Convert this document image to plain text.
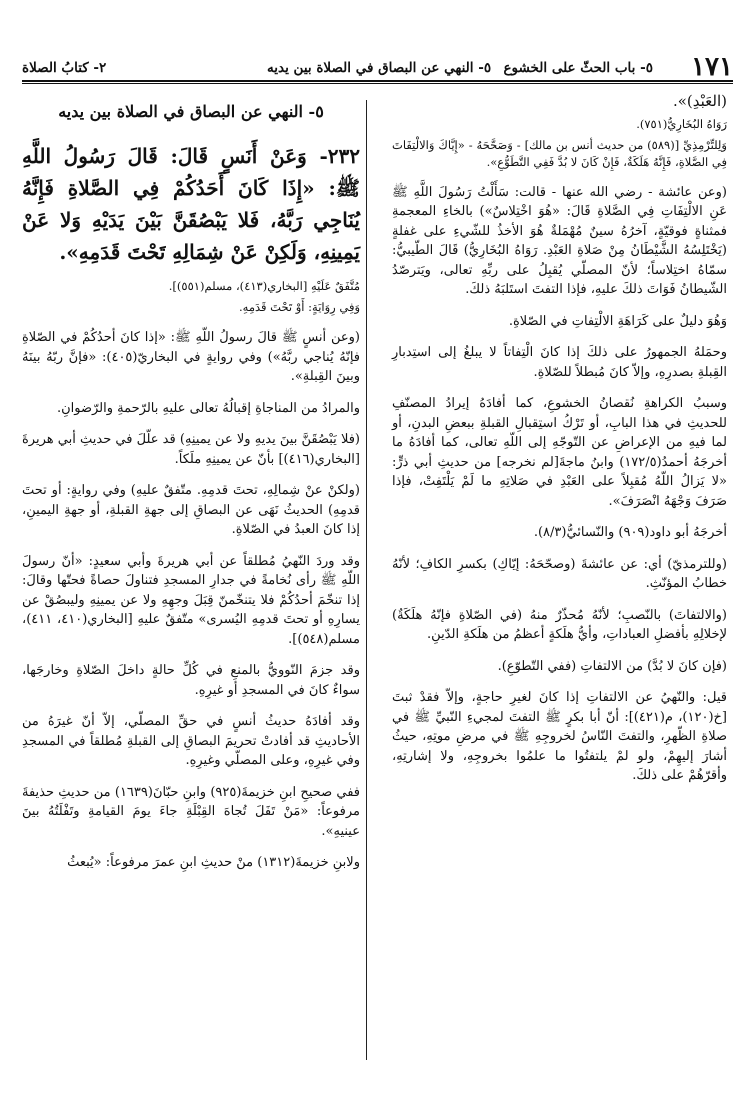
١٧١
٥- باب الحثّ على الخشوع
٥- النهي عن البصاق في الصلاة بين يديه
٢- كتابُ الصلاة

(العَبْدِ)».

رَوَاهُ البُخَارِيُّ(٧٥١).

وَلِلتِّرْمِذِيِّ [(٥٨٩) من حديث أنس بن مالك] - وَصَحَّحَهُ - «إِيَّاكَ وَالالْتِفَاتَ فِي الصَّلاةِ، فَإِنَّهُ هَلَكَةٌ، فَإِنْ كَانَ لا بُدَّ فَفِي التَّطَوُّعِ».

(وعن عائشة - رضي الله عنها - قالت: سَأَلْتُ رَسُولَ اللَّهِ ﷺ عَنِ الالْتِفَاتِ فِي الصَّلاةِ قَالَ: «هُوَ اخْتِلاسٌ») بالخاءِ المعجمةِ فمثناةٍ فوقيّةٍ، آخرُهُ سينٌ مُهْمَلةٌ هُوَ الأخذُ للشّيءِ على غفلةٍ (يَخْتَلِسُهُ الشَّيْطَانُ مِنْ صَلاةِ العَبْدِ. رَوَاهُ البُخَارِيُّ) قَالَ الطّيبيُّ: سمّاهُ اختِلاساً؛ لأنّ المصلّي يُقبِلُ على ربِّهِ تعالى، ويَترصّدُ الشّيطانُ فَوَاتَ ذلكَ عليهِ، فإذا التفتَ استَلبَهُ ذلكَ.

وَهُوَ دليلٌ على كَرَاهَةِ الالْتِفاتِ في الصّلاةِ.

وحمَلهُ الجمهورُ على ذلكَ إذا كانَ الْتِفاتاً لا يبلغُ إلى استِدبارِ القِبلةِ بصدرِهِ، وإلاّ كانَ مُبطلاً للصّلاةِ.

وسببُ الكراهةِ نُقصانُ الخشوعِ، كما أفادَهُ إيرادُ المصنّفِ للحديثِ في هذا البابِ، أو تَرْكُ استِقبالِ القبلةِ ببعضِ البدنِ، أو لما فيهِ من الإعراضِ عن التّوجّهِ إلى اللّهِ تعالى، كما أفادَهُ ما أخرجَهُ أحمدُ(١٧٢/٥) وابنُ ماجةَ[لم نخرجه] من حديثِ أبي ذرٍّ: «لا يَزالُ اللّهُ مُقبِلاً على العَبْدِ في صَلاتِهِ ما لَمْ يَلْتَفِتْ، فإذا صَرَفَ وَجْهَهُ انْصَرَفَ».

أخرجَهُ أبو داود(٩٠٩) والنّسائيُّ(٨/٣).

(وللترمذيّ) أي: عن عائشةَ (وصحّحَهُ: إيّاكِ) بكسرِ الكافِ؛ لأنّهُ خطابُ المؤنّثِ.

(والالتفاتَ) بالنّصبِ؛ لأنّهُ مُحذّرٌ منهُ (في الصّلاةِ فإنّهُ هلَكَةٌ) لإخلالِهِ بأفضلِ العباداتِ، وأيُّ هلَكةٍ أعظمُ من هلَكةِ الدّينِ.

(فإن كانَ لا بُدَّ) من الالتفاتِ (ففي التّطوّعِ).

قيل: والنّهيُ عن الالتفاتِ إذا كانَ لغيرِ حاجةٍ، وإلاّ فقدْ ثبتَ [خ(١٢٠)، م(٤٢١)]: أنّ أبا بكرٍ ﷺ التفتَ لمجيءِ النّبيِّ ﷺ في صلاةِ الظّهرِ، والتفتَ النّاسُ لخروجِهِ ﷺ في مرضِ موتِهِ، حيثُ أشارَ إليهِمْ، ولو لمْ يلتفتُوا ما علمُوا بخروجِهِ، ولا إشارتِهِ، وأقرّهُمْ على ذلكَ.

٥- النهي عن البصاق في الصلاة بين يديه

٢٣٢- وَعَنْ أَنَسٍ قَالَ: قَالَ رَسُولُ اللَّهِ ﷺ: «إِذَا كَانَ أَحَدُكُمْ فِي الصَّلاةِ فَإِنَّهُ يُنَاجِي رَبَّهُ، فَلا يَبْصُقَنَّ بَيْنَ يَدَيْهِ وَلا عَنْ يَمِينِهِ، وَلَكِنْ عَنْ شِمَالِهِ تَحْتَ قَدَمِهِ».

مُتَّفَقٌ عَلَيْهِ [البخاري(٤١٣)، مسلم(٥٥١)].

وَفِي رِوَايَةٍ: أَوْ تَحْتَ قَدَمِهِ.

(وعن أنسٍ ﷺ قالَ رسولُ اللّهِ ﷺ: «إذا كانَ أحدُكُمْ في الصّلاةِ فإنّهُ يُناجي ربَّهُ») وفي روايةٍ في البخاريّ(٤٠٥): «فإنَّ ربّهُ بينَهُ وبينَ القِبلةِ».

والمرادُ من المناجاةِ إقبالُهُ تعالى عليهِ بالرّحمةِ والرّضوانِ.

(فلا يَبْصُقَنَّ بينَ يديهِ ولا عن يمينِهِ) قد علّلَ في حديثِ أبي هريرةَ [البخاري(٤١٦)] بأنّ عن يمينِهِ ملَكاً.

(ولكنْ عنْ شِمالِهِ، تحتَ قدمِهِ. متّفقٌ عليهِ) وفي روايةٍ: أو تحتَ قدمِهِ) الحديثُ نَهَى عن البصاقِ إلى جهةِ القبلةِ، أو جهةِ اليمينِ، إذا كانَ العبدُ في الصّلاةِ.

وقد وردَ النّهيُ مُطلقاً عن أبي هريرةَ وأبي سعيدٍ: «أنّ رسولَ اللّهِ ﷺ رأى نُخامةً في جدارِ المسجدِ فتناولَ حصاةً فحتّها وقالَ: إذا تنخّمَ أحدُكُمْ فلا يتنخّمنّ قِبَلَ وجهِهِ ولا عن يمينِهِ وليبصُقْ عن يسارِهِ أو تحتَ قدمِهِ اليُسرى» متّفقٌ عليهِ [البخاري(٤١٠، ٤١١)، مسلم(٥٤٨)].

وقد جزمَ النّوويُّ بالمنعِ في كُلِّ حالةٍ داخلَ الصّلاةِ وخارجَها، سواءٌ كانَ في المسجدِ أو غيرِهِ.

وقد أفادَهُ حديثُ أنسٍ في حقِّ المصلّي، إلاّ أنّ غيرَهُ من الأحاديثِ قد أفادتْ تحريمَ البصاقِ إلى القبلةِ مُطلقاً في المسجدِ وفي غيرِهِ، وعلى المصلّي وغيرِهِ.

ففي صحيحِ ابنِ خزيمةَ(٩٢٥) وابنِ حبّانَ(١٦٣٩) من حديثِ حذيفةَ مرفوعاً: «مَنْ تَفَلَ تُجاهَ القِبْلَةِ جاءَ يومَ القيامةِ وتَفْلَتُهُ بينَ عينيهِ».

ولابنِ خزيمةَ(١٣١٢) منْ حديثِ ابنِ عمرَ مرفوعاً: «يُبعثُ
